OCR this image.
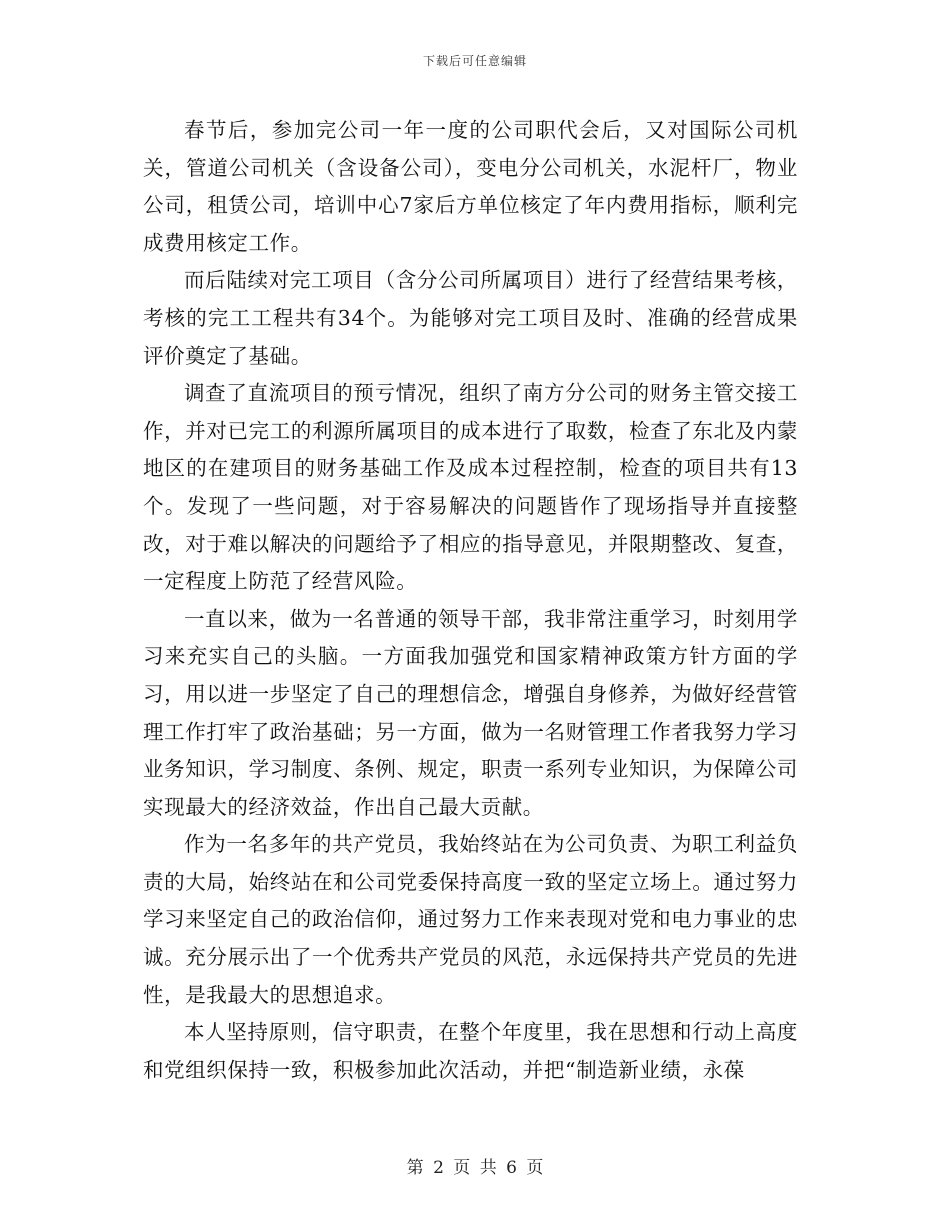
下载后可任意编辑

春节后，参加完公司一年一度的公司职代会后，又对国际公司机关，管道公司机关（含设备公司），变电分公司机关，水泥杆厂，物业公司，租赁公司，培训中心7家后方单位核定了年内费用指标，顺利完成费用核定工作。

而后陆续对完工项目（含分公司所属项目）进行了经营结果考核，考核的完工工程共有34个。为能够对完工项目及时、准确的经营成果评价奠定了基础。

调查了直流项目的预亏情况，组织了南方分公司的财务主管交接工作，并对已完工的利源所属项目的成本进行了取数，检查了东北及内蒙地区的在建项目的财务基础工作及成本过程控制，检查的项目共有13个。发现了一些问题，对于容易解决的问题皆作了现场指导并直接整改，对于难以解决的问题给予了相应的指导意见，并限期整改、复查，一定程度上防范了经营风险。

一直以来，做为一名普通的领导干部，我非常注重学习，时刻用学习来充实自己的头脑。一方面我加强党和国家精神政策方针方面的学习，用以进一步坚定了自己的理想信念，增强自身修养，为做好经营管理工作打牢了政治基础；另一方面，做为一名财管理工作者我努力学习业务知识，学习制度、条例、规定，职责一系列专业知识，为保障公司实现最大的经济效益，作出自己最大贡献。

作为一名多年的共产党员，我始终站在为公司负责、为职工利益负责的大局，始终站在和公司党委保持高度一致的坚定立场上。通过努力学习来坚定自己的政治信仰，通过努力工作来表现对党和电力事业的忠诚。充分展示出了一个优秀共产党员的风范，永远保持共产党员的先进性，是我最大的思想追求。

本人坚持原则，信守职责，在整个年度里，我在思想和行动上高度和党组织保持一致，积极参加此次活动，并把“制造新业绩，永葆

第 2 页 共 6 页
